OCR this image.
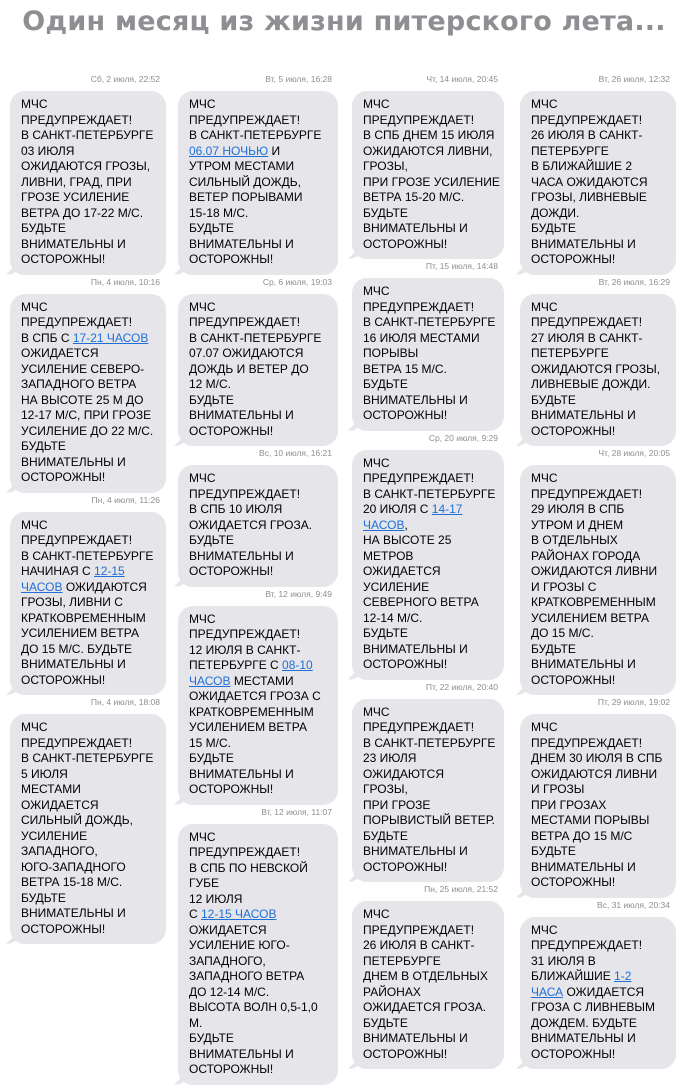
Один месяц из жизни питерского лета...
Сб, 2 июля, 22:52
МЧС
ПРЕДУПРЕЖДАЕТ!
В САНКТ-ПЕТЕРБУРГЕ
03 ИЮЛЯ
ОЖИДАЮТСЯ ГРОЗЫ,
ЛИВНИ, ГРАД, ПРИ
ГРОЗЕ УСИЛЕНИЕ
ВЕТРА ДО 17-22 М/С.
БУДЬТЕ
ВНИМАТЕЛЬНЫ И
ОСТОРОЖНЫ!
Пн, 4 июля, 10:16
МЧС
ПРЕДУПРЕЖДАЕТ!
В СПБ С 17-21 ЧАСОВ
ОЖИДАЕТСЯ
УСИЛЕНИЕ СЕВЕРО-
ЗАПАДНОГО ВЕТРА
НА ВЫСОТЕ 25 М ДО
12-17 М/С, ПРИ ГРОЗЕ
УСИЛЕНИЕ ДО 22 М/С.
БУДЬТЕ
ВНИМАТЕЛЬНЫ И
ОСТОРОЖНЫ!
Пн, 4 июля, 11:26
МЧС
ПРЕДУПРЕЖДАЕТ!
В САНКТ-ПЕТЕРБУРГЕ
НАЧИНАЯ С 12-15
ЧАСОВ ОЖИДАЮТСЯ
ГРОЗЫ, ЛИВНИ С
КРАТКОВРЕМЕННЫМ
УСИЛЕНИЕМ ВЕТРА
ДО 15 М/С. БУДЬТЕ
ВНИМАТЕЛЬНЫ И
ОСТОРОЖНЫ!
Пн, 4 июля, 18:08
МЧС
ПРЕДУПРЕЖДАЕТ!
В САНКТ-ПЕТЕРБУРГЕ
5 ИЮЛЯ
МЕСТАМИ
ОЖИДАЕТСЯ
СИЛЬНЫЙ ДОЖДЬ,
УСИЛЕНИЕ
ЗАПАДНОГО,
ЮГО-ЗАПАДНОГО
ВЕТРА 15-18 М/С.
БУДЬТЕ
ВНИМАТЕЛЬНЫ И
ОСТОРОЖНЫ!
Вт, 5 июля, 16:28
МЧС
ПРЕДУПРЕЖДАЕТ!
В САНКТ-ПЕТЕРБУРГЕ
06.07 НОЧЬЮ И
УТРОМ МЕСТАМИ
СИЛЬНЫЙ ДОЖДЬ,
ВЕТЕР ПОРЫВАМИ
15-18 М/С.
БУДЬТЕ
ВНИМАТЕЛЬНЫ И
ОСТОРОЖНЫ!
Ср, 6 июля, 19:03
МЧС
ПРЕДУПРЕЖДАЕТ!
В САНКТ-ПЕТЕРБУРГЕ
07.07 ОЖИДАЮТСЯ
ДОЖДЬ И ВЕТЕР ДО
12 М/С.
БУДЬТЕ
ВНИМАТЕЛЬНЫ И
ОСТОРОЖНЫ!
Вс, 10 июля, 16:21
МЧС
ПРЕДУПРЕЖДАЕТ!
В СПБ 10 ИЮЛЯ
ОЖИДАЕТСЯ ГРОЗА.
БУДЬТЕ
ВНИМАТЕЛЬНЫ И
ОСТОРОЖНЫ!
Вт, 12 июля, 9:49
МЧС
ПРЕДУПРЕЖДАЕТ!
12 ИЮЛЯ В САНКТ-
ПЕТЕРБУРГЕ С 08-10
ЧАСОВ МЕСТАМИ
ОЖИДАЕТСЯ ГРОЗА С
КРАТКОВРЕМЕННЫМ
УСИЛЕНИЕМ ВЕТРА
15 М/С.
БУДЬТЕ
ВНИМАТЕЛЬНЫ И
ОСТОРОЖНЫ!
Вт, 12 июля, 11:07
МЧС
ПРЕДУПРЕЖДАЕТ!
В СПБ ПО НЕВСКОЙ
ГУБЕ
12 ИЮЛЯ
С 12-15 ЧАСОВ
ОЖИДАЕТСЯ
УСИЛЕНИЕ ЮГО-
ЗАПАДНОГО,
ЗАПАДНОГО ВЕТРА
ДО 12-14 М/С.
ВЫСОТА ВОЛН 0,5-1,0
М.
БУДЬТЕ
ВНИМАТЕЛЬНЫ И
ОСТОРОЖНЫ!
Чт, 14 июля, 20:45
МЧС
ПРЕДУПРЕЖДАЕТ!
В СПБ ДНЕМ 15 ИЮЛЯ
ОЖИДАЮТСЯ ЛИВНИ,
ГРОЗЫ,
ПРИ ГРОЗЕ УСИЛЕНИЕ
ВЕТРА 15-20 М/С.
БУДЬТЕ
ВНИМАТЕЛЬНЫ И
ОСТОРОЖНЫ!
Пт, 15 июля, 14:48
МЧС
ПРЕДУПРЕЖДАЕТ!
В САНКТ-ПЕТЕРБУРГЕ
16 ИЮЛЯ МЕСТАМИ
ПОРЫВЫ
ВЕТРА 15 М/С.
БУДЬТЕ
ВНИМАТЕЛЬНЫ И
ОСТОРОЖНЫ!
Ср, 20 июля, 9:29
МЧС
ПРЕДУПРЕЖДАЕТ!
В САНКТ-ПЕТЕРБУРГЕ
20 ИЮЛЯ С 14-17
ЧАСОВ,
НА ВЫСОТЕ 25
МЕТРОВ
ОЖИДАЕТСЯ
УСИЛЕНИЕ
СЕВЕРНОГО ВЕТРА
12-14 М/С.
БУДЬТЕ
ВНИМАТЕЛЬНЫ И
ОСТОРОЖНЫ!
Пт, 22 июля, 20:40
МЧС
ПРЕДУПРЕЖДАЕТ!
В САНКТ-ПЕТЕРБУРГЕ
23 ИЮЛЯ
ОЖИДАЮТСЯ
ГРОЗЫ,
ПРИ ГРОЗЕ
ПОРЫВИСТЫЙ ВЕТЕР.
БУДЬТЕ
ВНИМАТЕЛЬНЫ И
ОСТОРОЖНЫ!
Пн, 25 июля, 21:52
МЧС
ПРЕДУПРЕЖДАЕТ!
26 ИЮЛЯ В САНКТ-
ПЕТЕРБУРГЕ
ДНЕМ В ОТДЕЛЬНЫХ
РАЙОНАХ
ОЖИДАЕТСЯ ГРОЗА.
БУДЬТЕ
ВНИМАТЕЛЬНЫ И
ОСТОРОЖНЫ!
Вт, 26 июля, 12:32
МЧС
ПРЕДУПРЕЖДАЕТ!
26 ИЮЛЯ В САНКТ-
ПЕТЕРБУРГЕ
В БЛИЖАЙШИЕ 2
ЧАСА ОЖИДАЮТСЯ
ГРОЗЫ, ЛИВНЕВЫЕ
ДОЖДИ.
БУДЬТЕ
ВНИМАТЕЛЬНЫ И
ОСТОРОЖНЫ!
Вт, 26 июля, 16:29
МЧС
ПРЕДУПРЕЖДАЕТ!
27 ИЮЛЯ В САНКТ-
ПЕТЕРБУРГЕ
ОЖИДАЮТСЯ ГРОЗЫ,
ЛИВНЕВЫЕ ДОЖДИ.
БУДЬТЕ
ВНИМАТЕЛЬНЫ И
ОСТОРОЖНЫ!
Чт, 28 июля, 20:05
МЧС
ПРЕДУПРЕЖДАЕТ!
29 ИЮЛЯ В СПБ
УТРОМ И ДНЕМ
В ОТДЕЛЬНЫХ
РАЙОНАХ ГОРОДА
ОЖИДАЮТСЯ ЛИВНИ
И ГРОЗЫ С
КРАТКОВРЕМЕННЫМ
УСИЛЕНИЕМ ВЕТРА
ДО 15 М/С.
БУДЬТЕ
ВНИМАТЕЛЬНЫ И
ОСТОРОЖНЫ!
Пт, 29 июля, 19:02
МЧС
ПРЕДУПРЕЖДАЕТ!
ДНЕМ 30 ИЮЛЯ В СПБ
ОЖИДАЮТСЯ ЛИВНИ
И ГРОЗЫ
ПРИ ГРОЗАХ
МЕСТАМИ ПОРЫВЫ
ВЕТРА ДО 15 М/С
БУДЬТЕ
ВНИМАТЕЛЬНЫ И
ОСТОРОЖНЫ!
Вс, 31 июля, 20:34
МЧС
ПРЕДУПРЕЖДАЕТ!
31 ИЮЛЯ В
БЛИЖАЙШИЕ 1-2
ЧАСА ОЖИДАЕТСЯ
ГРОЗА С ЛИВНЕВЫМ
ДОЖДЕМ. БУДЬТЕ
ВНИМАТЕЛЬНЫ И
ОСТОРОЖНЫ!
